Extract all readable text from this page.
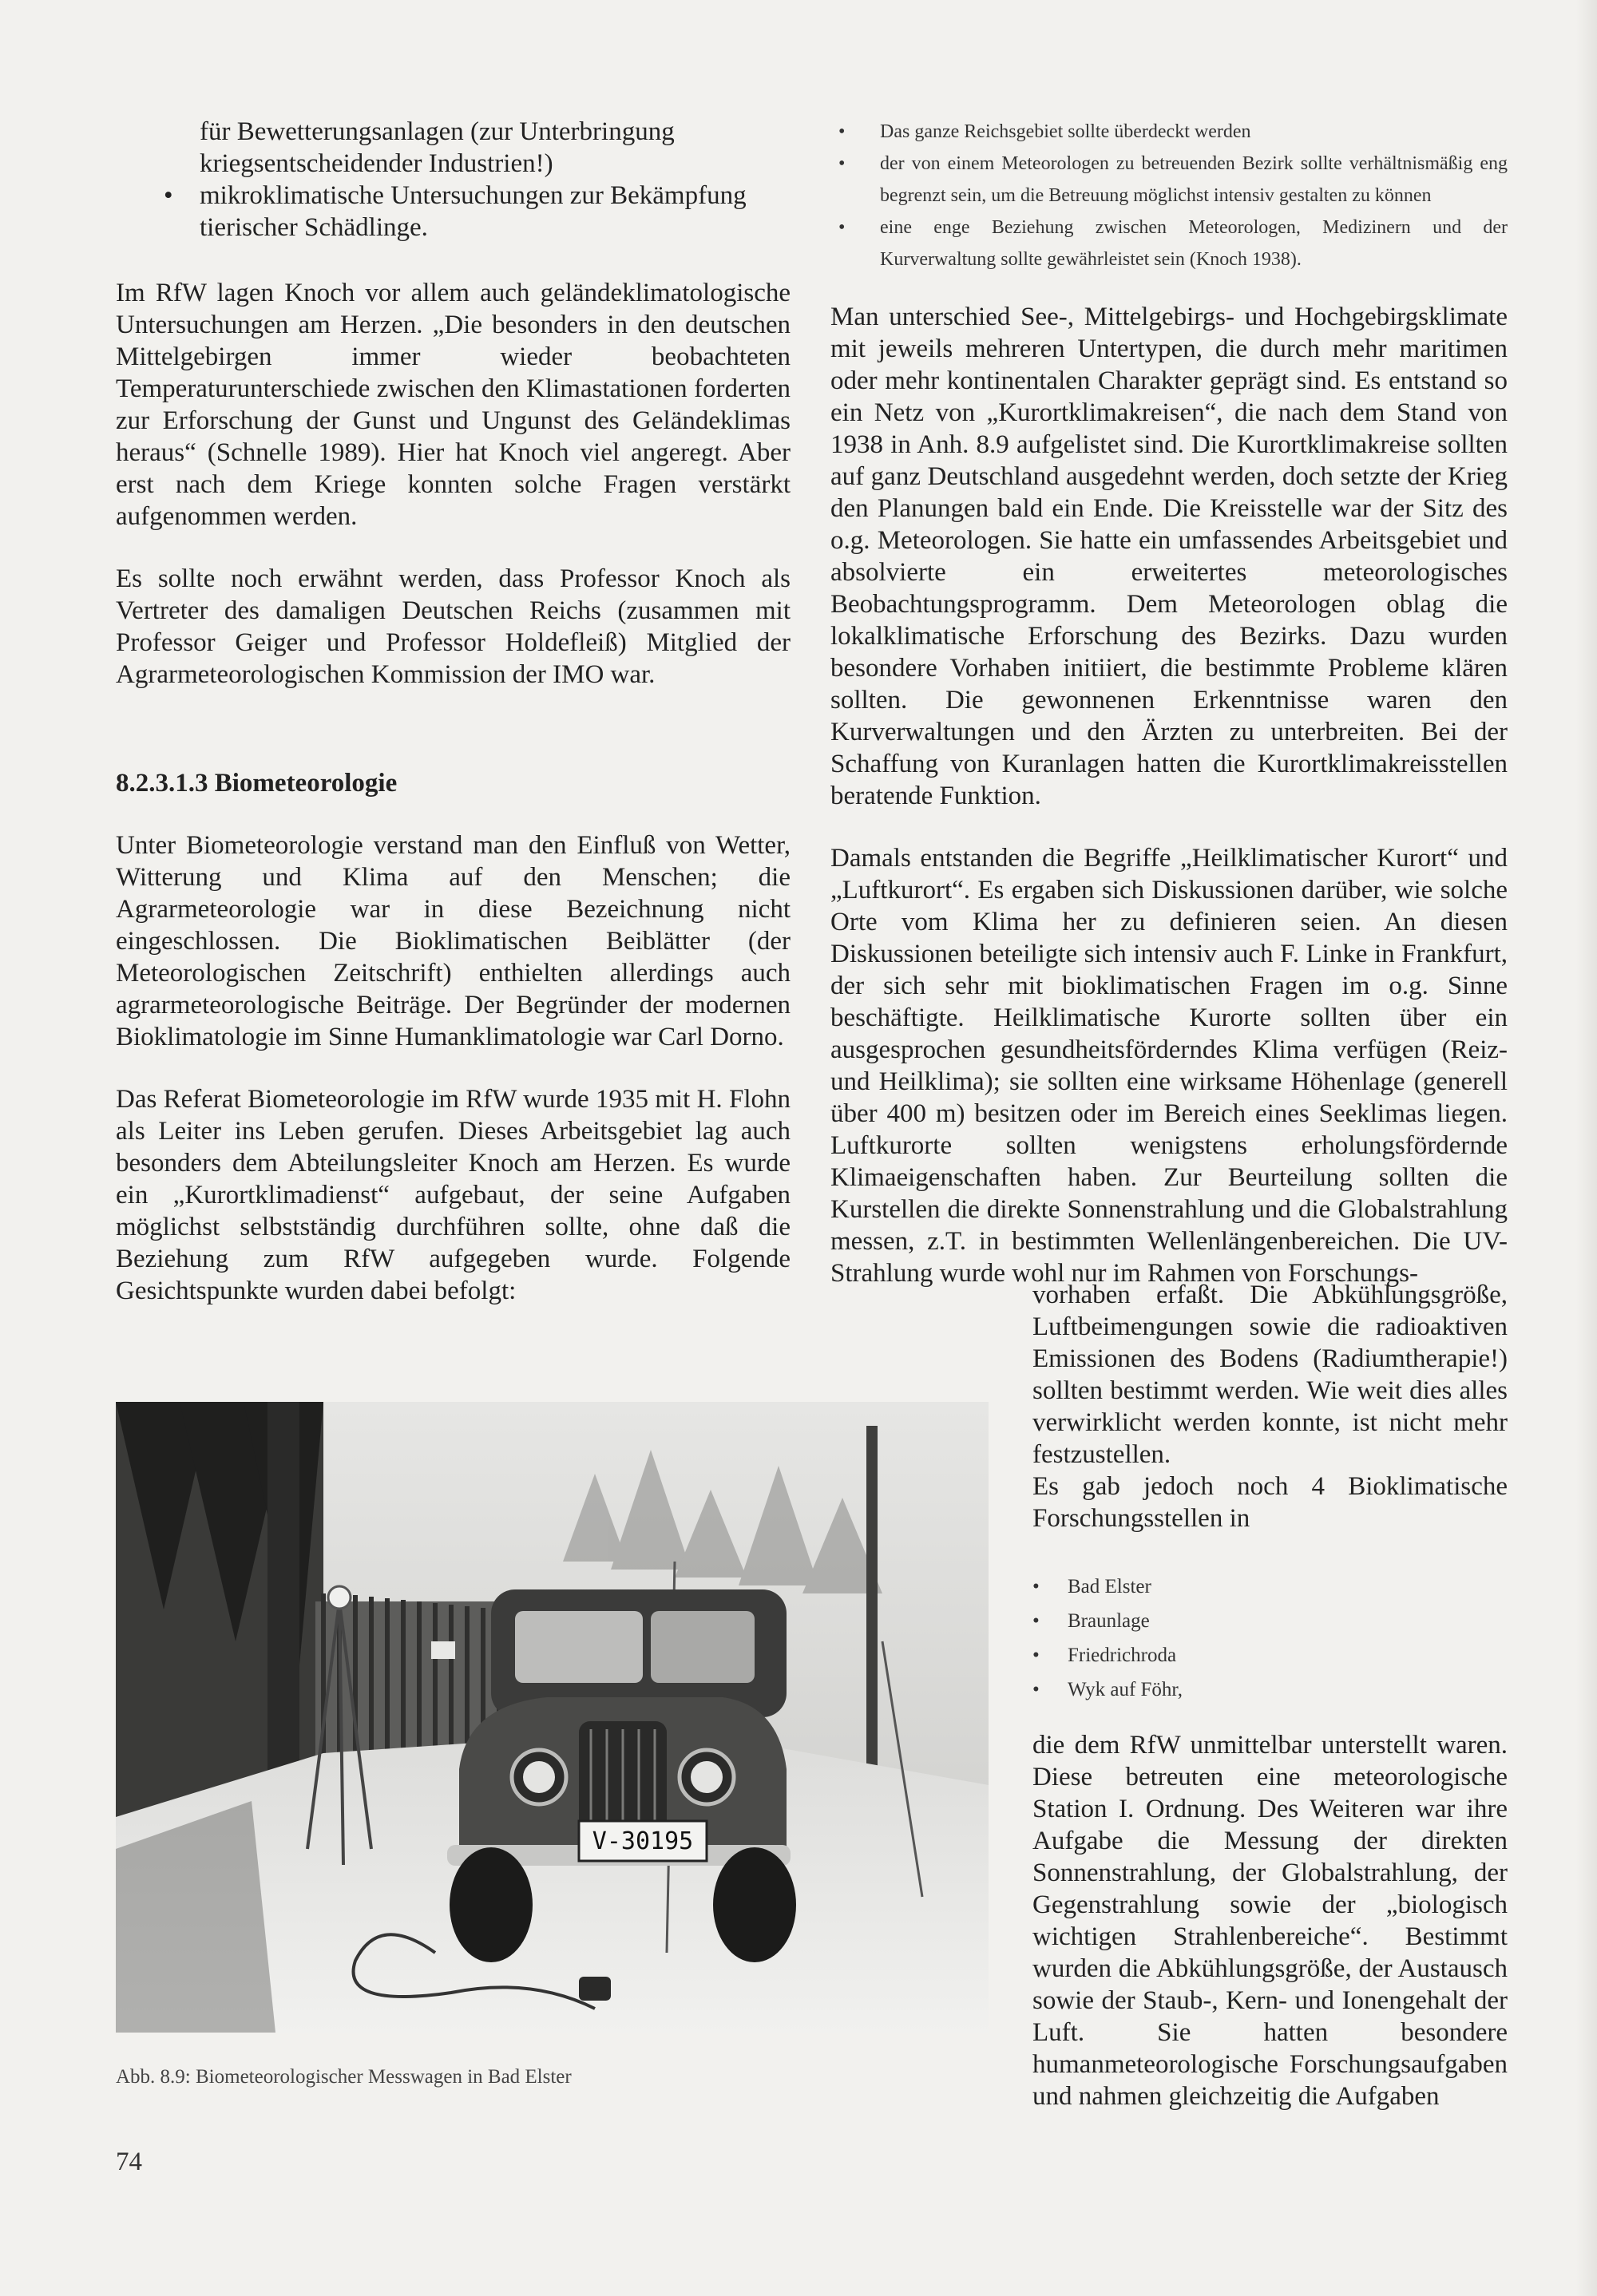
für Bewetterungsanlagen (zur Unterbringung kriegsentscheidender Industrien!)
• mikroklimatische Untersuchungen zur Bekämpfung tierischer Schädlinge.

Im RfW lagen Knoch vor allem auch geländeklimatologische Untersuchungen am Herzen. „Die besonders in den deutschen Mittelgebirgen immer wieder beobachteten Temperaturunterschiede zwischen den Klimastationen forderten zur Erforschung der Gunst und Ungunst des Geländeklimas heraus“ (Schnelle 1989). Hier hat Knoch viel angeregt. Aber erst nach dem Kriege konnten solche Fragen verstärkt aufgenommen werden.

Es sollte noch erwähnt werden, dass Professor Knoch als Vertreter des damaligen Deutschen Reichs (zusammen mit Professor Geiger und Professor Holdefleiß) Mitglied der Agrarmeteorologischen Kommission der IMO war.

8.2.3.1.3 Biometeorologie

Unter Biometeorologie verstand man den Einfluß von Wetter, Witterung und Klima auf den Menschen; die Agrarmeteorologie war in diese Bezeichnung nicht eingeschlossen. Die Bioklimatischen Beiblätter (der Meteorologischen Zeitschrift) enthielten allerdings auch agrarmeteorologische Beiträge. Der Begründer der modernen Bioklimatologie im Sinne Humanklimatologie war Carl Dorno.

Das Referat Biometeorologie im RfW wurde 1935 mit H. Flohn als Leiter ins Leben gerufen. Dieses Arbeitsgebiet lag auch besonders dem Abteilungsleiter Knoch am Herzen. Es wurde ein „Kurortklimadienst“ aufgebaut, der seine Aufgaben möglichst selbstständig durchführen sollte, ohne daß die Beziehung zum RfW aufgegeben wurde. Folgende Gesichtspunkte wurden dabei befolgt:

• Das ganze Reichsgebiet sollte überdeckt werden
• der von einem Meteorologen zu betreuenden Bezirk sollte verhältnismäßig eng begrenzt sein, um die Betreuung möglichst intensiv gestalten zu können
• eine enge Beziehung zwischen Meteorologen, Medizinern und der Kurverwaltung sollte gewährleistet sein (Knoch 1938).

Man unterschied See-, Mittelgebirgs- und Hochgebirgsklimate mit jeweils mehreren Untertypen, die durch mehr maritimen oder mehr kontinentalen Charakter geprägt sind. Es entstand so ein Netz von „Kurortklimakreisen“, die nach dem Stand von 1938 in Anh. 8.9 aufgelistet sind. Die Kurortklimakreise sollten auf ganz Deutschland ausgedehnt werden, doch setzte der Krieg den Planungen bald ein Ende. Die Kreisstelle war der Sitz des o.g. Meteorologen. Sie hatte ein umfassendes Arbeitsgebiet und absolvierte ein erweitertes meteorologisches Beobachtungsprogramm. Dem Meteorologen oblag die lokalklimatische Erforschung des Bezirks. Dazu wurden besondere Vorhaben initiiert, die bestimmte Probleme klären sollten. Die gewonnenen Erkenntnisse waren den Kurverwaltungen und den Ärzten zu unterbreiten. Bei der Schaffung von Kuranlagen hatten die Kurortklimakreisstellen beratende Funktion.

Damals entstanden die Begriffe „Heilklimatischer Kurort“ und „Luftkurort“. Es ergaben sich Diskussionen darüber, wie solche Orte vom Klima her zu definieren seien. An diesen Diskussionen beteiligte sich intensiv auch F. Linke in Frankfurt, der sich sehr mit bioklimatischen Fragen im o.g. Sinne beschäftigte. Heilklimatische Kurorte sollten über ein ausgesprochen gesundheitsförderndes Klima verfügen (Reiz- und Heilklima); sie sollten eine wirksame Höhenlage (generell über 400 m) besitzen oder im Bereich eines Seeklimas liegen. Luftkurorte sollten wenigstens erholungsfördernde Klimaeigenschaften haben. Zur Beurteilung sollten die Kurstellen die direkte Sonnenstrahlung und die Globalstrahlung messen, z.T. in bestimmten Wellenlängenbereichen. Die UV-Strahlung wurde wohl nur im Rahmen von Forschungs-

vorhaben erfaßt. Die Abkühlungsgröße, Luftbeimengungen sowie die radioaktiven Emissionen des Bodens (Radiumtherapie!) sollten bestimmt werden. Wie weit dies alles verwirklicht werden konnte, ist nicht mehr festzustellen.

Es gab jedoch noch 4 Bioklimatische Forschungsstellen in

• Bad Elster
• Braunlage
• Friedrichroda
• Wyk auf Föhr,

die dem RfW unmittelbar unterstellt waren. Diese betreuten eine meteorologische Station I. Ordnung. Des Weiteren war ihre Aufgabe die Messung der direkten Sonnenstrahlung, der Globalstrahlung, der Gegenstrahlung sowie der „biologisch wichtigen Strahlenbereiche“. Bestimmt wurden die Abkühlungsgröße, der Austausch sowie der Staub-, Kern- und Ionengehalt der Luft. Sie hatten besondere humanmeteorologische Forschungsaufgaben und nahmen gleichzeitig die Aufgaben

V-30195
Abb. 8.9: Biometeorologischer Messwagen in Bad Elster
74
